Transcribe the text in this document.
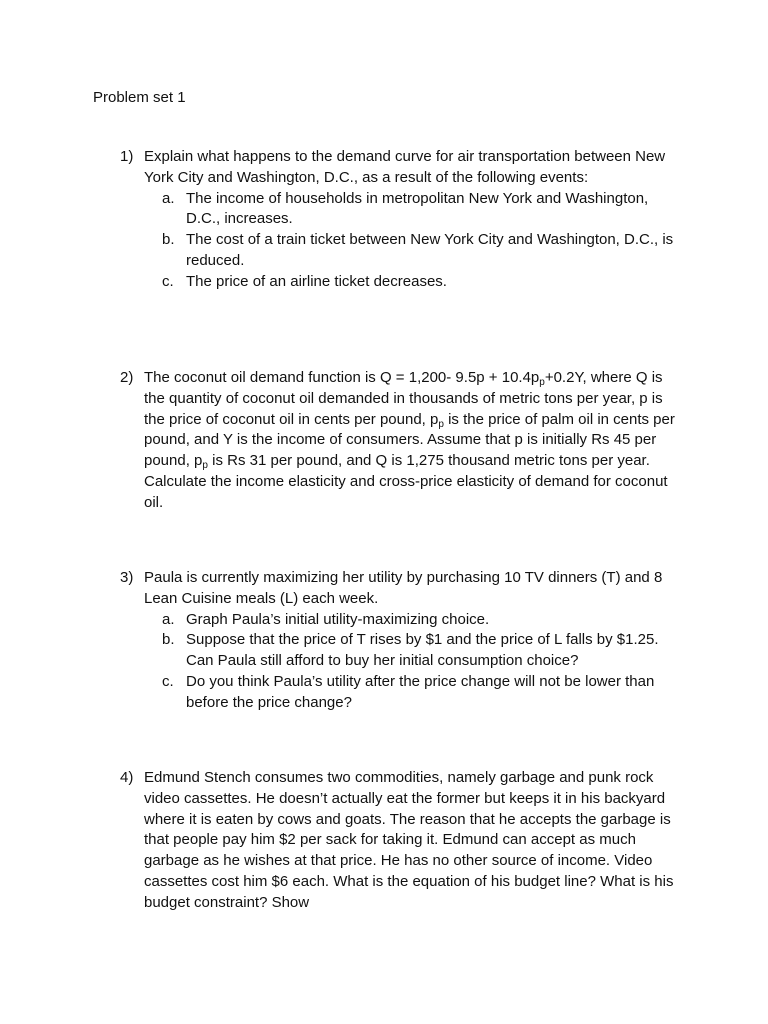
Problem set 1
1) Explain what happens to the demand curve for air transportation between New York City and Washington, D.C., as a result of the following events:

a. The income of households in metropolitan New York and Washington, D.C., increases.
b. The cost of a train ticket between New York City and Washington, D.C., is reduced.
c. The price of an airline ticket decreases.
2) The coconut oil demand function is Q = 1,200- $9.5p + 10.4p_p+0.2Y$, where Q is the quantity of coconut oil demanded in thousands of metric tons per year, p is the price of coconut oil in cents per pound, $p_p$ is the price of palm oil in cents per pound, and Y is the income of consumers. Assume that p is initially Rs 45 per pound, $p_p$ is Rs 31 per pound, and Q is 1,275 thousand metric tons per year. Calculate the income elasticity and cross-price elasticity of demand for coconut oil.

3) Paula is currently maximizing her utility by purchasing 10 TV dinners (T) and 8 Lean Cuisine meals (L) each week.

a. Graph Paula’s initial utility-maximizing choice.
b. Suppose that the price of T rises by $1 and the price of L falls by $1.25. Can Paula still afford to buy her initial consumption choice?
c. Do you think Paula’s utility after the price change will not be lower than before the price change?
4) Edmund Stench consumes two commodities, namely garbage and punk rock video cassettes. He doesn’t actually eat the former but keeps it in his backyard where it is eaten by cows and goats. The reason that he accepts the garbage is that people pay him $2 per sack for taking it. Edmund can accept as much garbage as he wishes at that price. He has no other source of income. Video cassettes cost him $6 each. What is the equation of his budget line? What is his budget constraint? Show
